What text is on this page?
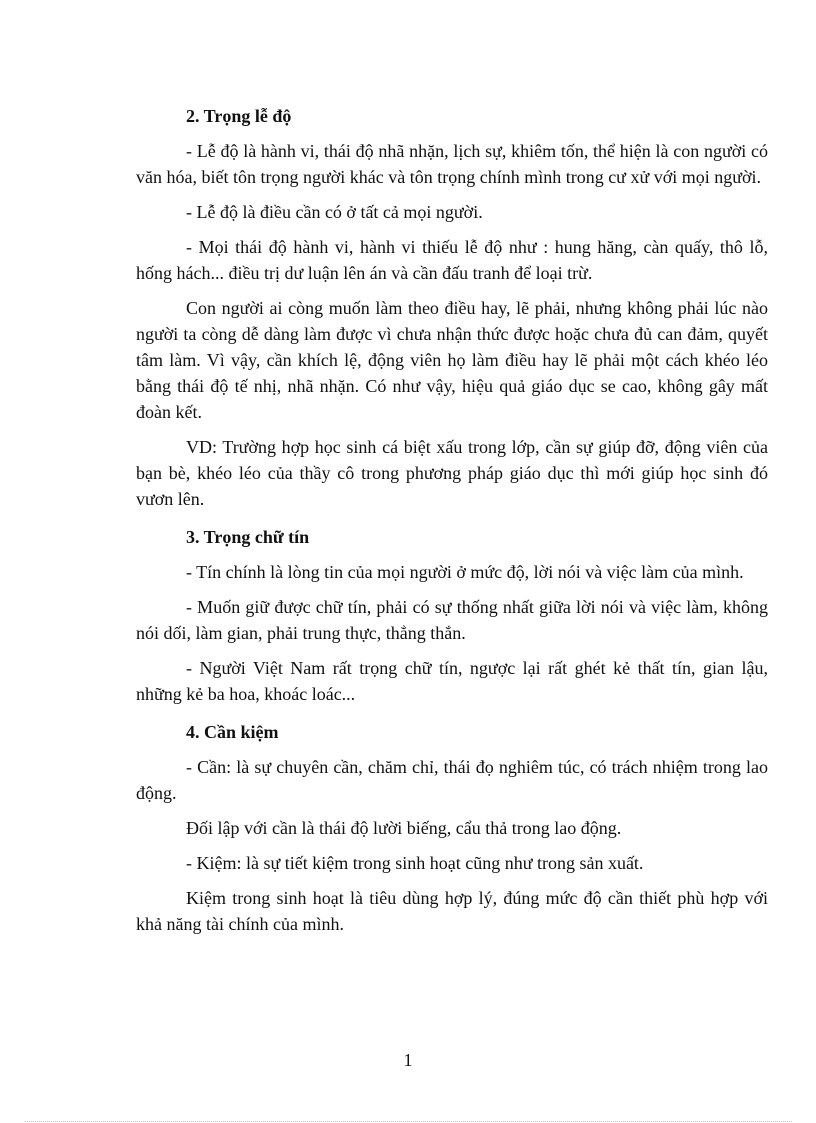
2. Trọng lễ độ

- Lễ độ là hành vi, thái độ nhã nhặn, lịch sự, khiêm tốn, thể hiện là con người có văn hóa, biết tôn trọng người khác và tôn trọng chính mình trong cư xử với mọi người.

- Lễ độ là điều cần có ở tất cả mọi người.

- Mọi thái độ hành vi, hành vi thiếu lễ độ như : hung hăng, càn quấy, thô lỗ, hống hách... điều trị dư luận lên án và cần đấu tranh để loại trừ.

Con người ai còng muốn làm theo điều hay, lẽ phải, nhưng không phải lúc nào người ta còng dễ dàng làm được vì chưa nhận thức được hoặc chưa đủ can đảm, quyết tâm làm. Vì vậy, cần khích lệ, động viên họ làm điều hay lẽ phải một cách khéo léo bằng thái độ tế nhị, nhã nhặn. Có như vậy, hiệu quả giáo dục se cao, không gây mất đoàn kết.

VD: Trường hợp học sinh cá biệt xấu trong lớp, cần sự giúp đỡ, động viên của bạn bè, khéo léo của thầy cô trong phương pháp giáo dục thì mới giúp học sinh đó vươn lên.

3. Trọng chữ tín

- Tín chính là lòng tin của mọi người ở mức độ, lời nói và việc làm của mình.

- Muốn giữ được chữ tín, phải có sự thống nhất giữa lời nói và việc làm, không nói dối, làm gian, phải trung thực, thẳng thắn.

- Người Việt Nam rất trọng chữ tín, ngược lại rất ghét kẻ thất tín, gian lậu, những kẻ ba hoa, khoác loác...

4. Cần kiệm

- Cần: là sự chuyên cần, chăm chỉ, thái đọ nghiêm túc, có trách nhiệm trong lao động.

Đối lập với cần là thái độ lười biếng, cẩu thả trong lao động.

- Kiệm: là sự tiết kiệm trong sinh hoạt cũng như trong sản xuất.

Kiệm trong sinh hoạt là tiêu dùng hợp lý, đúng mức độ cần thiết phù hợp với khả năng tài chính của mình.

1
